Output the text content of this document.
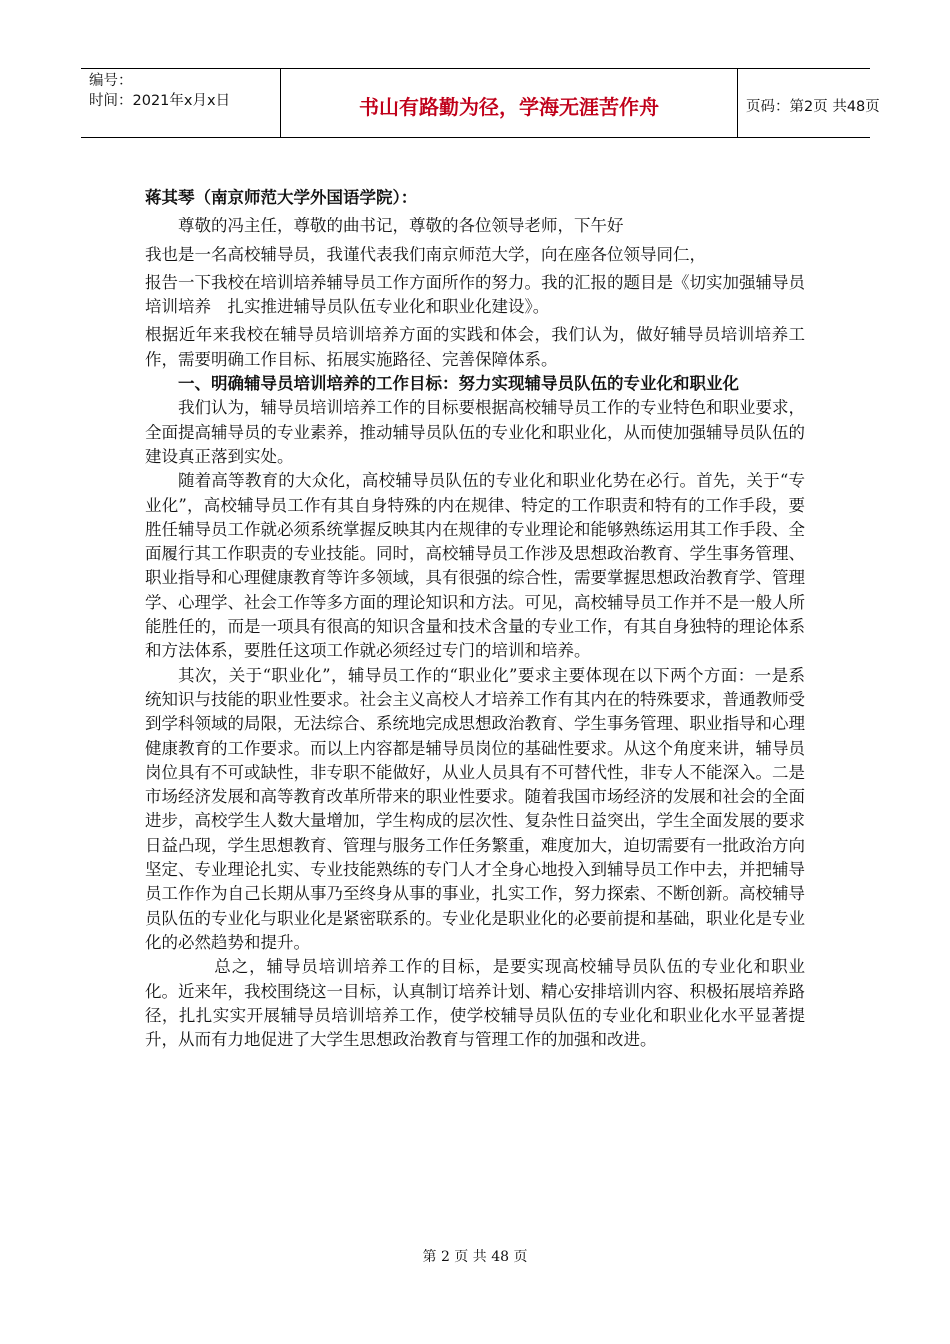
编号：
时间：2021年x月x日	书山有路勤为径，学海无涯苦作舟	页码：第2页 共48页

蒋其琴（南京师范大学外国语学院）：

尊敬的冯主任，尊敬的曲书记，尊敬的各位领导老师，下午好

我也是一名高校辅导员，我谨代表我们南京师范大学，向在座各位领导同仁，

报告一下我校在培训培养辅导员工作方面所作的努力。我的汇报的题目是《切实加强辅导员培训培养　扎实推进辅导员队伍专业化和职业化建设》。

根据近年来我校在辅导员培训培养方面的实践和体会，我们认为，做好辅导员培训培养工作，需要明确工作目标、拓展实施路径、完善保障体系。

一、明确辅导员培训培养的工作目标：努力实现辅导员队伍的专业化和职业化

我们认为，辅导员培训培养工作的目标要根据高校辅导员工作的专业特色和职业要求，全面提高辅导员的专业素养，推动辅导员队伍的专业化和职业化，从而使加强辅导员队伍的建设真正落到实处。

随着高等教育的大众化，高校辅导员队伍的专业化和职业化势在必行。首先，关于“专业化”，高校辅导员工作有其自身特殊的内在规律、特定的工作职责和特有的工作手段，要胜任辅导员工作就必须系统掌握反映其内在规律的专业理论和能够熟练运用其工作手段、全面履行其工作职责的专业技能。同时，高校辅导员工作涉及思想政治教育、学生事务管理、职业指导和心理健康教育等许多领域，具有很强的综合性，需要掌握思想政治教育学、管理学、心理学、社会工作等多方面的理论知识和方法。可见，高校辅导员工作并不是一般人所能胜任的，而是一项具有很高的知识含量和技术含量的专业工作，有其自身独特的理论体系和方法体系，要胜任这项工作就必须经过专门的培训和培养。

其次，关于“职业化”，辅导员工作的“职业化”要求主要体现在以下两个方面：一是系统知识与技能的职业性要求。社会主义高校人才培养工作有其内在的特殊要求，普通教师受到学科领域的局限，无法综合、系统地完成思想政治教育、学生事务管理、职业指导和心理健康教育的工作要求。而以上内容都是辅导员岗位的基础性要求。从这个角度来讲，辅导员岗位具有不可或缺性，非专职不能做好，从业人员具有不可替代性，非专人不能深入。二是市场经济发展和高等教育改革所带来的职业性要求。随着我国市场经济的发展和社会的全面进步，高校学生人数大量增加，学生构成的层次性、复杂性日益突出，学生全面发展的要求日益凸现，学生思想教育、管理与服务工作任务繁重，难度加大，迫切需要有一批政治方向坚定、专业理论扎实、专业技能熟练的专门人才全身心地投入到辅导员工作中去，并把辅导员工作作为自己长期从事乃至终身从事的事业，扎实工作，努力探索、不断创新。高校辅导员队伍的专业化与职业化是紧密联系的。专业化是职业化的必要前提和基础，职业化是专业化的必然趋势和提升。

总之，辅导员培训培养工作的目标，是要实现高校辅导员队伍的专业化和职业化。近来年，我校围绕这一目标，认真制订培养计划、精心安排培训内容、积极拓展培养路径，扎扎实实开展辅导员培训培养工作，使学校辅导员队伍的专业化和职业化水平显著提升，从而有力地促进了大学生思想政治教育与管理工作的加强和改进。

第 2 页 共 48 页
